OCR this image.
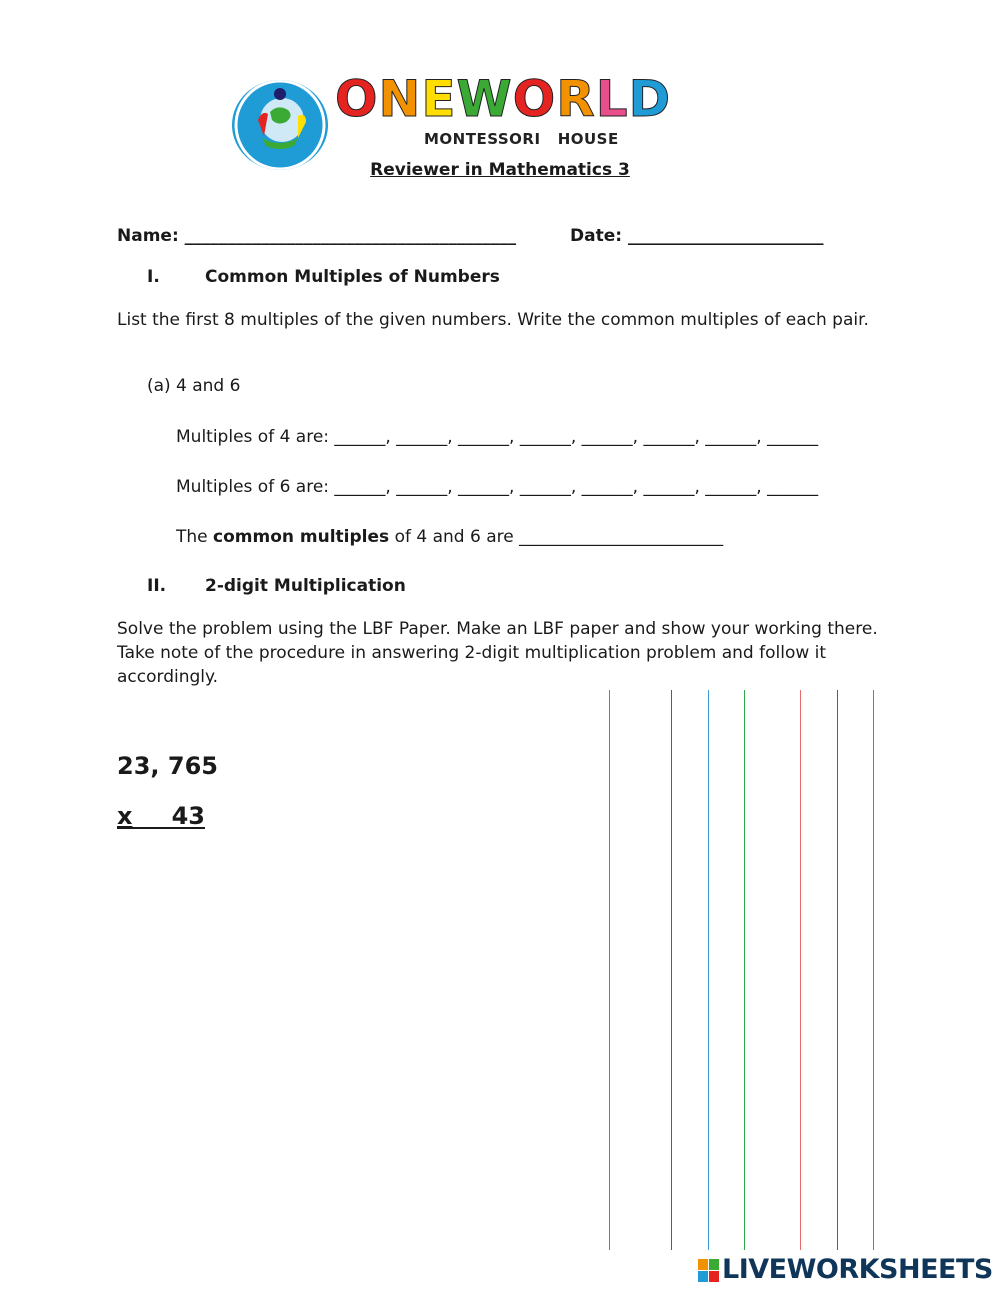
ONEWORLD
MONTESSORI   HOUSE
Reviewer in Mathematics 3
Name: _______________________________________	Date: _______________________
I.	Common Multiples of Numbers
List the first 8 multiples of the given numbers. Write the common multiples of each pair.
(a) 4 and 6
Multiples of 4 are: ______, ______, ______, ______, ______, ______, ______, ______
Multiples of 6 are: ______, ______, ______, ______, ______, ______, ______, ______
The common multiples of 4 and 6 are ________________________
II. 2-digit Multiplication
Solve the problem using the LBF Paper. Make an LBF paper and show your working there. Take note of the procedure in answering 2-digit multiplication problem and follow it accordingly.
23, 765
x 43
LIVEWORKSHEETS
